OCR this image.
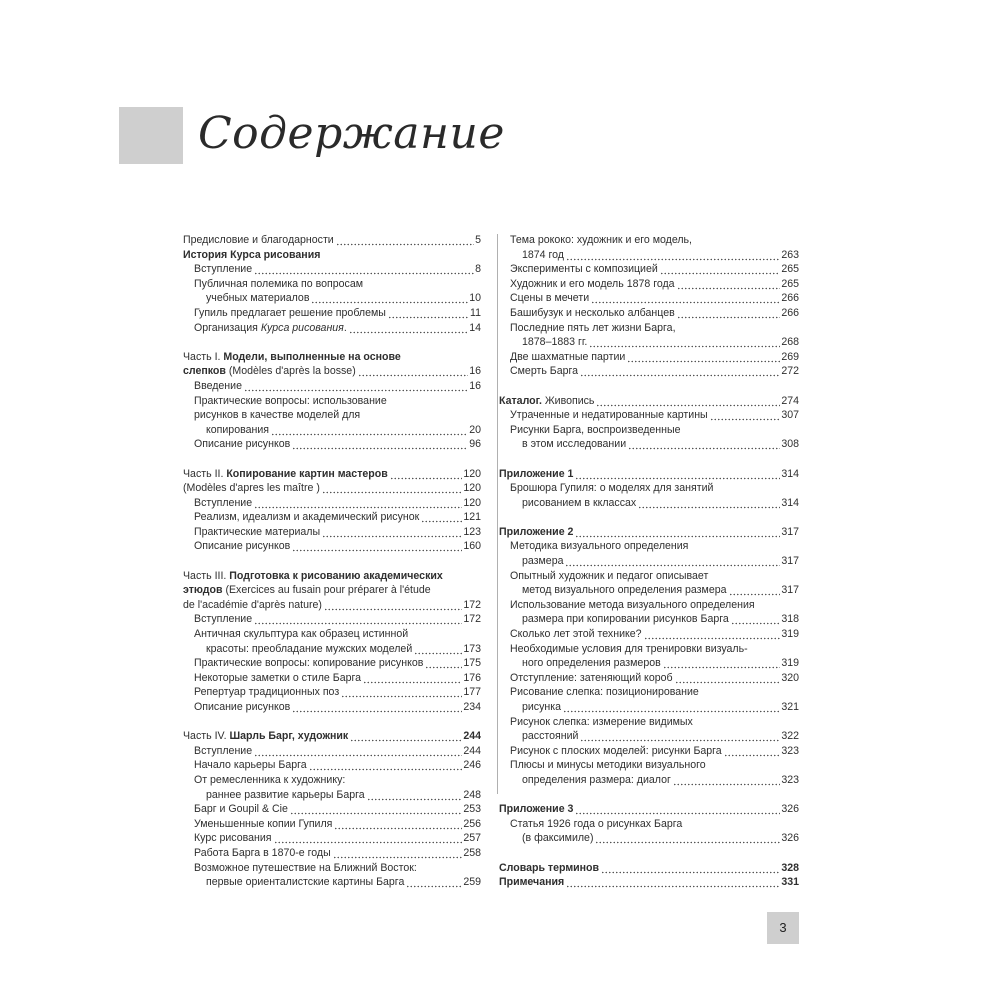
Содержание
Предисловие и благодарности	5
История Курса рисования
Вступление	8
Публичная полемика по вопросам
учебных материалов	10
Гупиль предлагает решение проблемы	11
Организация Курса рисования.	14
Часть I. Модели, выполненные на основе
слепков (Modèles d'après la bosse)	16
Введение	16
Практические вопросы: использование
рисунков в качестве моделей для
копирования	20
Описание рисунков	96
Часть II. Копирование картин мастеров	120
(Modèles d'apres les maître )	120
Вступление	120
Реализм, идеализм и академический рисунок	121
Практические материалы	123
Описание рисунков	160
Часть III. Подготовка к рисованию академических
этюдов (Exercices au fusain pour préparer à l'étude
de l'académie d'après nature)	172
Вступление	172
Античная скульптура как образец истинной
красоты: преобладание мужских моделей	173
Практические вопросы: копирование рисунков	175
Некоторые заметки о стиле Барга	176
Репертуар традиционных поз	177
Описание рисунков	234
Часть IV. Шарль Барг, художник	244
Вступление	244
Начало карьеры Барга	246
От ремесленника к художнику:
раннее развитие карьеры Барга	248
Барг и Goupil & Cie	253
Уменьшенные копии Гупиля	256
Курс рисования	257
Работа Барга в 1870-е годы	258
Возможное путешествие на Ближний Восток:
первые ориенталистские картины Барга	259
Тема рококо: художник и его модель,
1874 год	263
Эксперименты с композицией	265
Художник и его модель 1878 года	265
Сцены в мечети	266
Башибузук и несколько албанцев	266
Последние пять лет жизни Барга,
1878–1883 гг.	268
Две шахматные партии	269
Смерть Барга	272
Каталог. Живопись	274
Утраченные и недатированные картины	307
Рисунки Барга, воспроизведенные
в этом исследовании	308
Приложение 1	314
Брошюра Гупиля: о моделях для занятий
рисованием в кклассах	314
Приложение 2	317
Методика визуального определения
размера	317
Опытный художник и педагог описывает
метод визуального определения размера	317
Использование метода визуального определения
размера при копировании рисунков Барга	318
Сколько лет этой технике?	319
Необходимые условия для тренировки визуаль-
ного определения размеров	319
Отступление: затеняющий короб	320
Рисование слепка: позиционирование
рисунка	321
Рисунок слепка: измерение видимых
расстояний	322
Рисунок с плоских моделей: рисунки Барга	323
Плюсы и минусы методики визуального
определения размера: диалог	323
Приложение 3	326
Статья 1926 года о рисунках Барга
(в факсимиле)	326
Словарь терминов	328
Примечания	331
3
